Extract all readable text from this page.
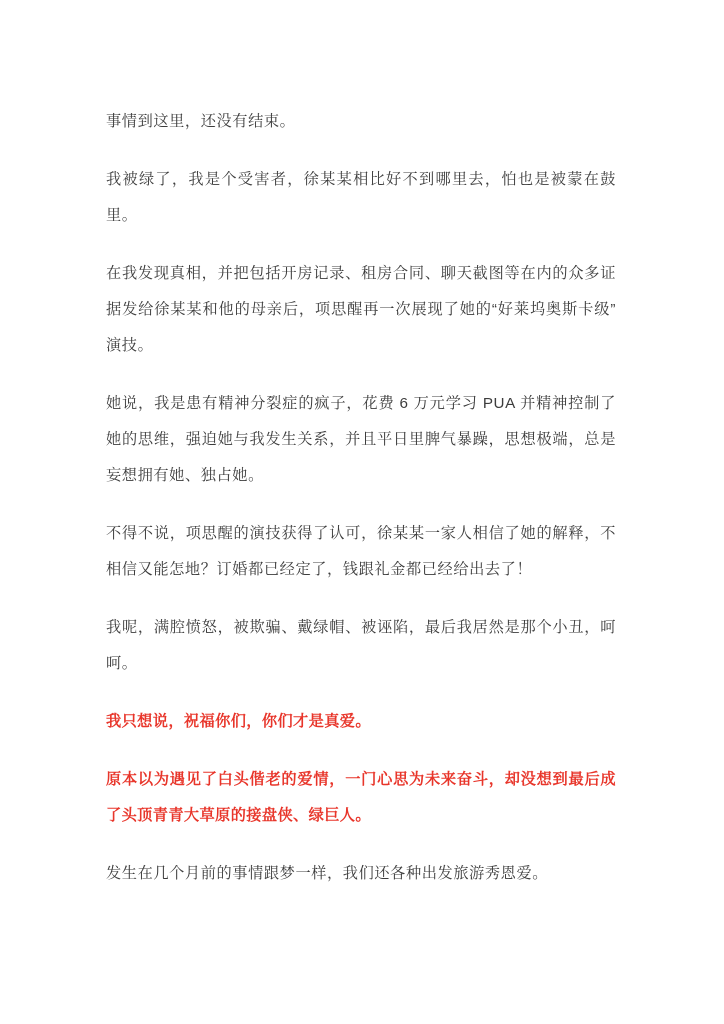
事情到这里，还没有结束。

我被绿了，我是个受害者，徐某某相比好不到哪里去，怕也是被蒙在鼓里。

在我发现真相，并把包括开房记录、租房合同、聊天截图等在内的众多证据发给徐某某和他的母亲后，项思醒再一次展现了她的“好莱坞奥斯卡级”演技。

她说，我是患有精神分裂症的疯子，花费 6 万元学习 PUA 并精神控制了她的思维，强迫她与我发生关系，并且平日里脾气暴躁，思想极端，总是妄想拥有她、独占她。

不得不说，项思醒的演技获得了认可，徐某某一家人相信了她的解释，不相信又能怎地？订婚都已经定了，钱跟礼金都已经给出去了！

我呢，满腔愤怒，被欺骗、戴绿帽、被诬陷，最后我居然是那个小丑，呵呵。

我只想说，祝福你们，你们才是真爱。

原本以为遇见了白头偕老的爱情，一门心思为未来奋斗，却没想到最后成了头顶青青大草原的接盘侠、绿巨人。

发生在几个月前的事情跟梦一样，我们还各种出发旅游秀恩爱。
